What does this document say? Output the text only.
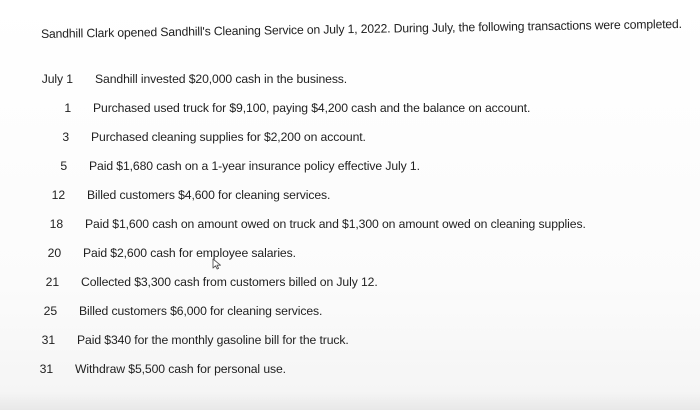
Sandhill Clark opened Sandhill's Cleaning Service on July 1, 2022. During July, the following transactions were completed.
July 1 Sandhill invested $20,000 cash in the business.
1 Purchased used truck for $9,100, paying $4,200 cash and the balance on account.
3 Purchased cleaning supplies for $2,200 on account.
5 Paid $1,680 cash on a 1-year insurance policy effective July 1.
12 Billed customers $4,600 for cleaning services.
18 Paid $1,600 cash on amount owed on truck and $1,300 on amount owed on cleaning supplies.
20 Paid $2,600 cash for employee salaries.
21 Collected $3,300 cash from customers billed on July 12.
25 Billed customers $6,000 for cleaning services.
31 Paid $340 for the monthly gasoline bill for the truck.
31 Withdraw $5,500 cash for personal use.
